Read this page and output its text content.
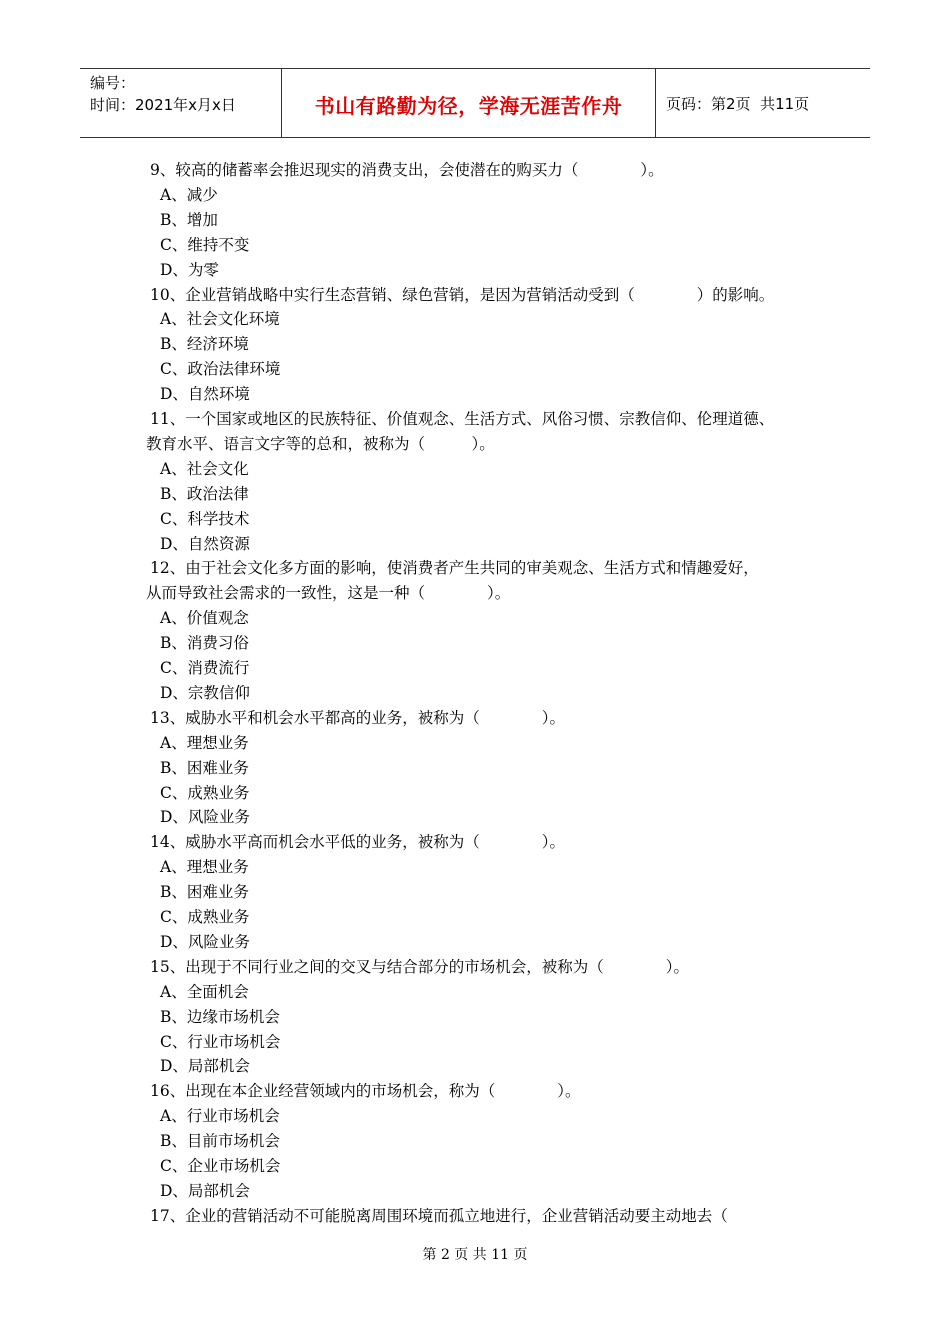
编号：
时间：2021年x月x日	书山有路勤为径，学海无涯苦作舟	页码：第2页  共11页
9、较高的储蓄率会推迟现实的消费支出，会使潜在的购买力（　　　　）。
A、减少
B、增加
C、维持不变
D、为零
10、企业营销战略中实行生态营销、绿色营销，是因为营销活动受到（　　　　）的影响。
A、社会文化环境
B、经济环境
C、政治法律环境
D、自然环境
11、一个国家或地区的民族特征、价值观念、生活方式、风俗习惯、宗教信仰、伦理道德、
教育水平、语言文字等的总和，被称为（　　　）。
A、社会文化
B、政治法律
C、科学技术
D、自然资源
12、由于社会文化多方面的影响，使消费者产生共同的审美观念、生活方式和情趣爱好，
从而导致社会需求的一致性，这是一种（　　　　）。
A、价值观念
B、消费习俗
C、消费流行
D、宗教信仰
13、威胁水平和机会水平都高的业务，被称为（　　　　）。
A、理想业务
B、困难业务
C、成熟业务
D、风险业务
14、威胁水平高而机会水平低的业务，被称为（　　　　）。
A、理想业务
B、困难业务
C、成熟业务
D、风险业务
15、出现于不同行业之间的交叉与结合部分的市场机会，被称为（　　　　）。
A、全面机会
B、边缘市场机会
C、行业市场机会
D、局部机会
16、出现在本企业经营领域内的市场机会，称为（　　　　）。
A、行业市场机会
B、目前市场机会
C、企业市场机会
D、局部机会
17、企业的营销活动不可能脱离周围环境而孤立地进行，企业营销活动要主动地去（
第 2 页 共 11 页
